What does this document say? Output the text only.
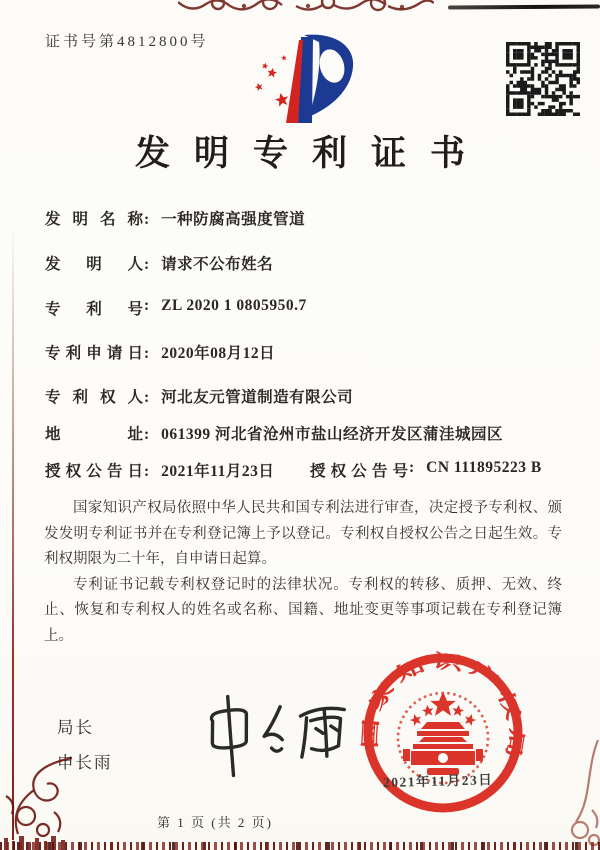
证书号第4812800号
发明专利证书
发明名称: 一种防腐高强度管道
发明人: 请求不公布姓名
专利号: ZL 2020 1 0805950.7
专利申请日: 2020年08月12日
专利权人: 河北友元管道制造有限公司
地址: 061399 河北省沧州市盐山经济开发区蒲洼城园区
授权公告日: 2021年11月23日 授权公告号: CN 111895223 B

国家知识产权局依照中华人民共和国专利法进行审查，决定授予专利权、颁发发明专利证书并在专利登记簿上予以登记。专利权自授权公告之日起生效。专利权期限为二十年，自申请日起算。

专利证书记载专利权登记时的法律状况。专利权的转移、质押、无效、终止、恢复和专利权人的姓名或名称、国籍、地址变更等事项记载在专利登记簿上。

局长
申长雨
国家知识产权局
2021年11月23日
第 1 页 (共 2 页)
